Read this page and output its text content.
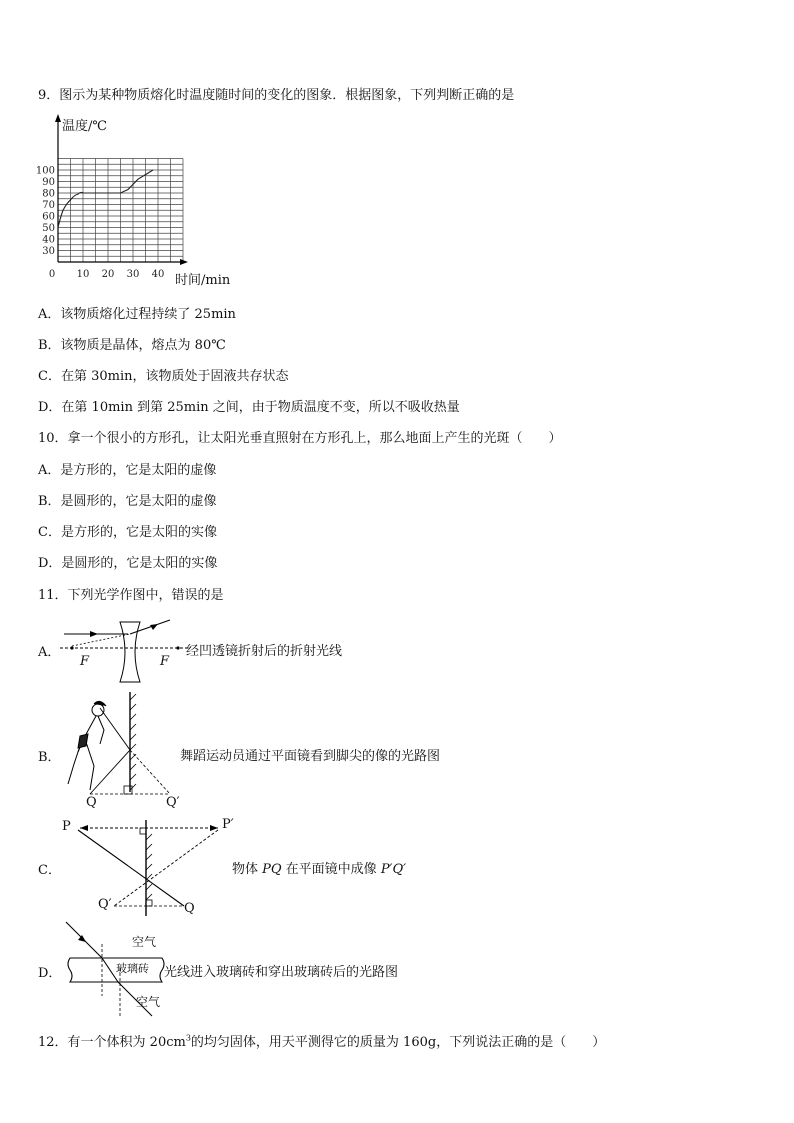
9．图示为某种物质熔化时温度随时间的变化的图象．根据图象，下列判断正确的是
100
90
80
70
60
50
40
30
0 10 20 30 40
温度/℃
时间/min
A．该物质熔化过程持续了 25min
B．该物质是晶体，熔点为 80℃
C．在第 30min，该物质处于固液共存状态
D．在第 10min 到第 25min 之间，由于物质温度不变，所以不吸收热量
10．拿一个很小的方形孔，让太阳光垂直照射在方形孔上，那么地面上产生的光斑（　　）
A．是方形的，它是太阳的虚像
B．是圆形的，它是太阳的虚像
C．是方形的，它是太阳的实像
D．是圆形的，它是太阳的实像
11．下列光学作图中，错误的是
A．
F	F
经凹透镜折射后的折射光线
B．
Q	Q′
舞蹈运动员通过平面镜看到脚尖的像的光路图
C．
P	P′
Q′	Q
物体 PQ 在平面镜中成像 P′Q′
D．
空气
玻璃砖
空气
光线进入玻璃砖和穿出玻璃砖后的光路图
12．有一个体积为 $20cm^3$的均匀固体，用天平测得它的质量为 160g，下列说法正确的是（　　）
